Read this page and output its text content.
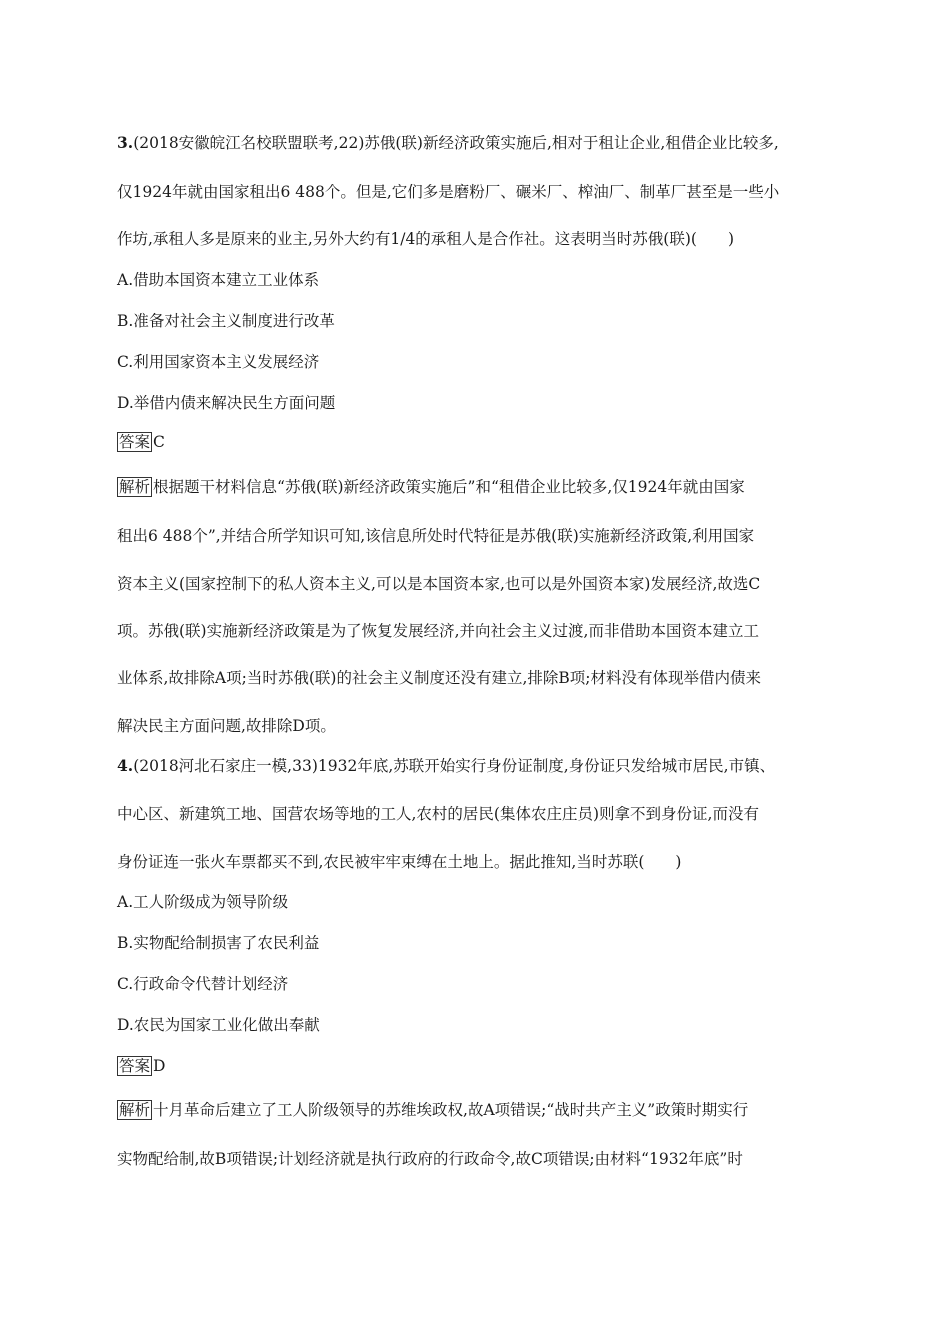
3.(2018安徽皖江名校联盟联考,22)苏俄(联)新经济政策实施后,相对于租让企业,租借企业比较多,
仅1924年就由国家租出6 488个。但是,它们多是磨粉厂、碾米厂、榨油厂、制革厂甚至是一些小
作坊,承租人多是原来的业主,另外大约有1/4的承租人是合作社。这表明当时苏俄(联)(　　)
A.借助本国资本建立工业体系
B.准备对社会主义制度进行改革
C.利用国家资本主义发展经济
D.举借内债来解决民生方面问题
答案 C
解析 根据题干材料信息“苏俄(联)新经济政策实施后”和“租借企业比较多,仅1924年就由国家
租出6 488个”,并结合所学知识可知,该信息所处时代特征是苏俄(联)实施新经济政策,利用国家
资本主义(国家控制下的私人资本主义,可以是本国资本家,也可以是外国资本家)发展经济,故选C
项。苏俄(联)实施新经济政策是为了恢复发展经济,并向社会主义过渡,而非借助本国资本建立工
业体系,故排除A项;当时苏俄(联)的社会主义制度还没有建立,排除B项;材料没有体现举借内债来
解决民主方面问题,故排除D项。
4.(2018河北石家庄一模,33)1932年底,苏联开始实行身份证制度,身份证只发给城市居民,市镇、
中心区、新建筑工地、国营农场等地的工人,农村的居民(集体农庄庄员)则拿不到身份证,而没有
身份证连一张火车票都买不到,农民被牢牢束缚在土地上。据此推知,当时苏联(　　)
A.工人阶级成为领导阶级
B.实物配给制损害了农民利益
C.行政命令代替计划经济
D.农民为国家工业化做出奉献
答案 D
解析 十月革命后建立了工人阶级领导的苏维埃政权,故A项错误;“战时共产主义”政策时期实行
实物配给制,故B项错误;计划经济就是执行政府的行政命令,故C项错误;由材料“1932年底”时
